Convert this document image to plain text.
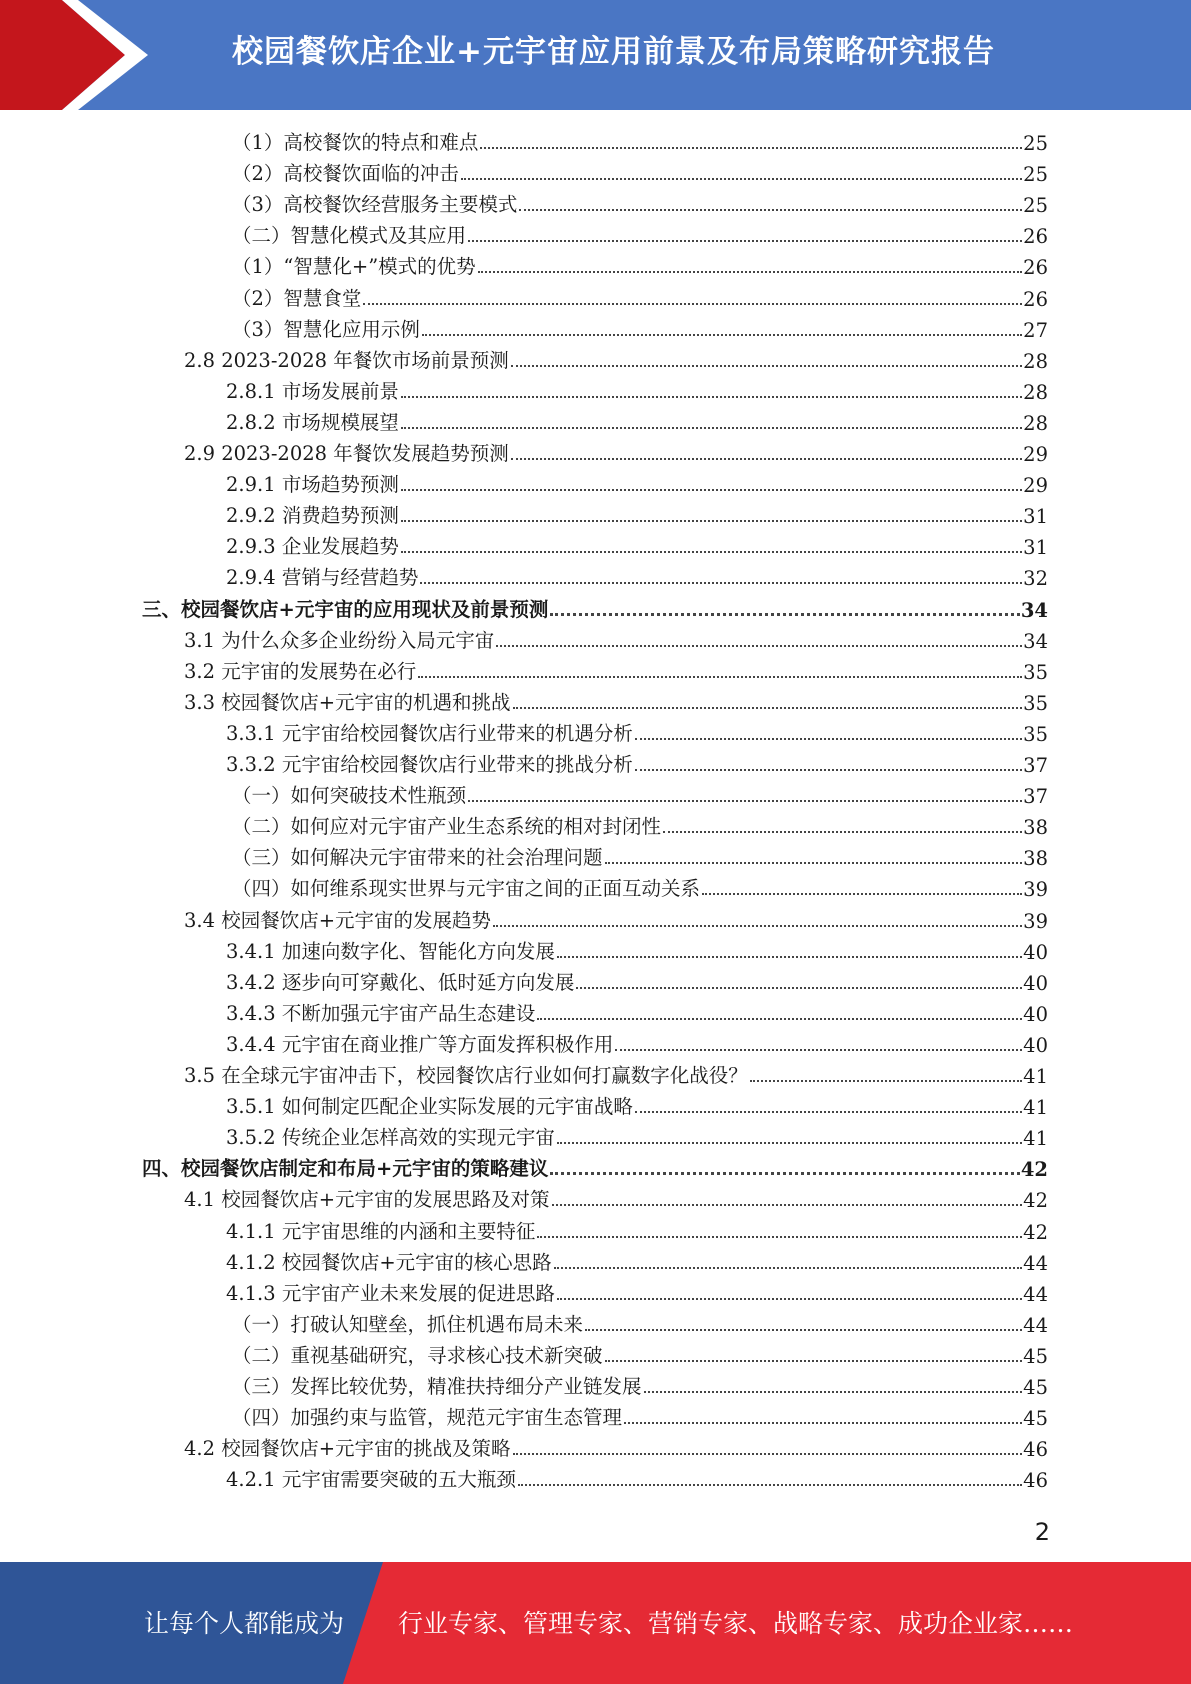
校园餐饮店企业+元宇宙应用前景及布局策略研究报告
（1）高校餐饮的特点和难点	25
（2）高校餐饮面临的冲击	25
（3）高校餐饮经营服务主要模式	25
（二）智慧化模式及其应用	26
（1）“智慧化+”模式的优势	26
（2）智慧食堂	26
（3）智慧化应用示例	27
2.8 2023-2028 年餐饮市场前景预测	28
2.8.1 市场发展前景	28
2.8.2 市场规模展望	28
2.9 2023-2028 年餐饮发展趋势预测	29
2.9.1 市场趋势预测	29
2.9.2 消费趋势预测	31
2.9.3 企业发展趋势	31
2.9.4 营销与经营趋势	32
三、校园餐饮店+元宇宙的应用现状及前景预测	34
3.1 为什么众多企业纷纷入局元宇宙	34
3.2 元宇宙的发展势在必行	35
3.3 校园餐饮店+元宇宙的机遇和挑战	35
3.3.1 元宇宙给校园餐饮店行业带来的机遇分析	35
3.3.2 元宇宙给校园餐饮店行业带来的挑战分析	37
（一）如何突破技术性瓶颈	37
（二）如何应对元宇宙产业生态系统的相对封闭性	38
（三）如何解决元宇宙带来的社会治理问题	38
（四）如何维系现实世界与元宇宙之间的正面互动关系	39
3.4 校园餐饮店+元宇宙的发展趋势	39
3.4.1 加速向数字化、智能化方向发展	40
3.4.2 逐步向可穿戴化、低时延方向发展	40
3.4.3 不断加强元宇宙产品生态建设	40
3.4.4 元宇宙在商业推广等方面发挥积极作用	40
3.5 在全球元宇宙冲击下，校园餐饮店行业如何打赢数字化战役？	41
3.5.1 如何制定匹配企业实际发展的元宇宙战略	41
3.5.2 传统企业怎样高效的实现元宇宙	41
四、校园餐饮店制定和布局+元宇宙的策略建议	42
4.1 校园餐饮店+元宇宙的发展思路及对策	42
4.1.1 元宇宙思维的内涵和主要特征	42
4.1.2 校园餐饮店+元宇宙的核心思路	44
4.1.3 元宇宙产业未来发展的促进思路	44
（一）打破认知壁垒，抓住机遇布局未来	44
（二）重视基础研究，寻求核心技术新突破	45
（三）发挥比较优势，精准扶持细分产业链发展	45
（四）加强约束与监管，规范元宇宙生态管理	45
4.2 校园餐饮店+元宇宙的挑战及策略	46
4.2.1 元宇宙需要突破的五大瓶颈	46
2
让每个人都能成为 行业专家、管理专家、营销专家、战略专家、成功企业家……
